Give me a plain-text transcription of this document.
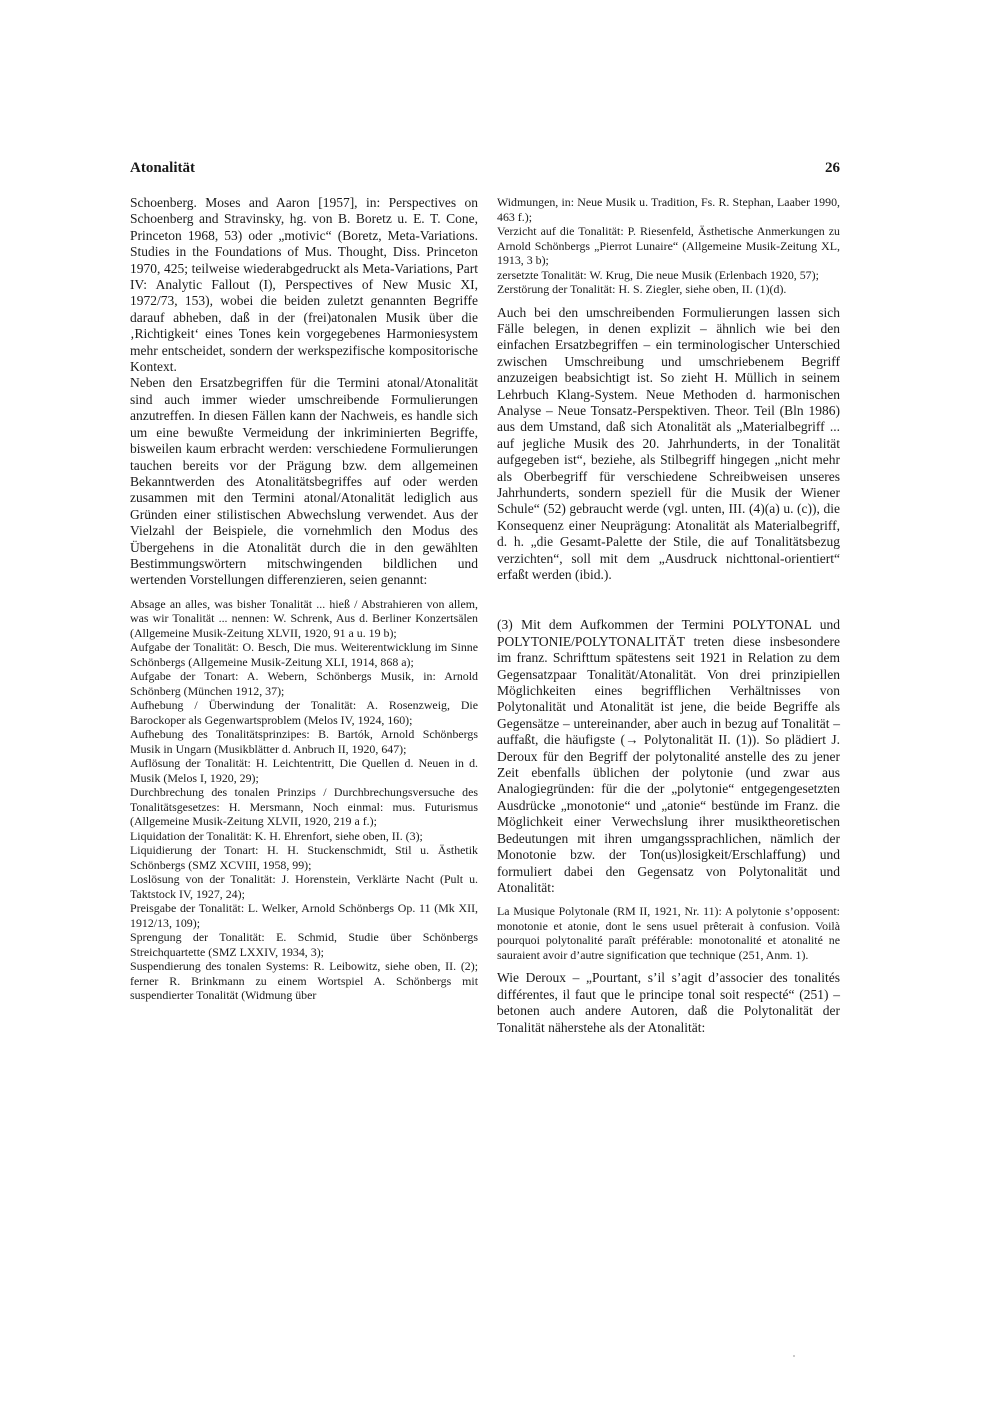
Atonalität	26

Schoenberg. Moses and Aaron [1957], in: Perspectives on Schoenberg and Stravinsky, hg. von B. Boretz u. E. T. Cone, Princeton 1968, 53) oder „motivic“ (Boretz, Meta-Variations. Studies in the Foundations of Mus. Thought, Diss. Princeton 1970, 425; teilweise wiederabgedruckt als Meta-Variations, Part IV: Analytic Fallout (I), Perspectives of New Music XI, 1972/73, 153), wobei die beiden zuletzt genannten Begriffe darauf abheben, daß in der (frei)atonalen Musik über die ‚Richtigkeit‘ eines Tones kein vorgegebenes Harmoniesystem mehr entscheidet, sondern der werkspezifische kompositorische Kontext.

Neben den Ersatzbegriffen für die Termini atonal/Atonalität sind auch immer wieder umschreibende Formulierungen anzutreffen. In diesen Fällen kann der Nachweis, es handle sich um eine bewußte Vermeidung der inkriminierten Begriffe, bisweilen kaum erbracht werden: verschiedene Formulierungen tauchen bereits vor der Prägung bzw. dem allgemeinen Bekanntwerden des Atonalitätsbegriffes auf oder werden zusammen mit den Termini atonal/Atonalität lediglich aus Gründen einer stilistischen Abwechslung verwendet. Aus der Vielzahl der Beispiele, die vornehmlich den Modus des Übergehens in die Atonalität durch die in den gewählten Bestimmungswörtern mitschwingenden bildlichen und wertenden Vorstellungen differenzieren, seien genannt:

Absage an alles, was bisher Tonalität ... hieß / Abstrahieren von allem, was wir Tonalität ... nennen: W. Schrenk, Aus d. Berliner Konzertsälen (Allgemeine Musik-Zeitung XLVII, 1920, 91 a u. 19 b);

Aufgabe der Tonalität: O. Besch, Die mus. Weiterentwicklung im Sinne Schönbergs (Allgemeine Musik-Zeitung XLI, 1914, 868 a);

Aufgabe der Tonart: A. Webern, Schönbergs Musik, in: Arnold Schönberg (München 1912, 37);

Aufhebung / Überwindung der Tonalität: A. Rosenzweig, Die Barockoper als Gegenwartsproblem (Melos IV, 1924, 160);

Aufhebung des Tonalitätsprinzipes: B. Bartók, Arnold Schönbergs Musik in Ungarn (Musikblätter d. Anbruch II, 1920, 647);

Auflösung der Tonalität: H. Leichtentritt, Die Quellen d. Neuen in d. Musik (Melos I, 1920, 29);

Durchbrechung des tonalen Prinzips / Durchbrechungsversuche des Tonalitätsgesetzes: H. Mersmann, Noch einmal: mus. Futurismus (Allgemeine Musik-Zeitung XLVII, 1920, 219 a f.);

Liquidation der Tonalität: K. H. Ehrenfort, siehe oben, II. (3);

Liquidierung der Tonart: H. H. Stuckenschmidt, Stil u. Ästhetik Schönbergs (SMZ XCVIII, 1958, 99);

Loslösung von der Tonalität: J. Horenstein, Verklärte Nacht (Pult u. Taktstock IV, 1927, 24);

Preisgabe der Tonalität: L. Welker, Arnold Schönbergs Op. 11 (Mk XII, 1912/13, 109);

Sprengung der Tonalität: E. Schmid, Studie über Schönbergs Streichquartette (SMZ LXXIV, 1934, 3);

Suspendierung des tonalen Systems: R. Leibowitz, siehe oben, II. (2); ferner R. Brinkmann zu einem Wortspiel A. Schönbergs mit suspendierter Tonalität (Widmung über

Widmungen, in: Neue Musik u. Tradition, Fs. R. Stephan, Laaber 1990, 463 f.);

Verzicht auf die Tonalität: P. Riesenfeld, Ästhetische Anmerkungen zu Arnold Schönbergs „Pierrot Lunaire“ (Allgemeine Musik-Zeitung XL, 1913, 3 b);

zersetzte Tonalität: W. Krug, Die neue Musik (Erlenbach 1920, 57);

Zerstörung der Tonalität: H. S. Ziegler, siehe oben, II. (1)(d).

Auch bei den umschreibenden Formulierungen lassen sich Fälle belegen, in denen explizit – ähnlich wie bei den einfachen Ersatzbegriffen – ein terminologischer Unterschied zwischen Umschreibung und umschriebenem Begriff anzuzeigen beabsichtigt ist. So zieht H. Müllich in seinem Lehrbuch Klang-System. Neue Methoden d. harmonischen Analyse – Neue Tonsatz-Perspektiven. Theor. Teil (Bln 1986) aus dem Umstand, daß sich Atonalität als „Materialbegriff ... auf jegliche Musik des 20. Jahrhunderts, in der Tonalität aufgegeben ist“, beziehe, als Stilbegriff hingegen „nicht mehr als Oberbegriff für verschiedene Schreibweisen unseres Jahrhunderts, sondern speziell für die Musik der Wiener Schule“ (52) gebraucht werde (vgl. unten, III. (4)(a) u. (c)), die Konsequenz einer Neuprägung: Atonalität als Materialbegriff, d. h. „die Gesamt-Palette der Stile, die auf Tonalitätsbezug verzichten“, soll mit dem „Ausdruck nichttonal-orientiert“ erfaßt werden (ibid.).

(3) Mit dem Aufkommen der Termini POLYTONAL und POLYTONIE/POLYTONALITÄT treten diese insbesondere im franz. Schrifttum spätestens seit 1921 in Relation zu dem Gegensatzpaar Tonalität/Atonalität. Von drei prinzipiellen Möglichkeiten eines begrifflichen Verhältnisses von Polytonalität und Atonalität ist jene, die beide Begriffe als Gegensätze – untereinander, aber auch in bezug auf Tonalität – auffaßt, die häufigste (→ Polytonalität II. (1)). So plädiert J. Deroux für den Begriff der polytonalité anstelle des zu jener Zeit ebenfalls üblichen der polytonie (und zwar aus Analogiegründen: für die der „polytonie“ entgegengesetzten Ausdrücke „monotonie“ und „atonie“ bestünde im Franz. die Möglichkeit einer Verwechslung ihrer musiktheoretischen Bedeutungen mit ihren umgangssprachlichen, nämlich der Monotonie bzw. der Ton(us)losigkeit/Erschlaffung) und formuliert dabei den Gegensatz von Polytonalität und Atonalität:

La Musique Polytonale (RM II, 1921, Nr. 11): A polytonie s’opposent: monotonie et atonie, dont le sens usuel prêterait à confusion. Voilà pourquoi polytonalité paraît préférable: monotonalité et atonalité ne sauraient avoir d’autre signification que technique (251, Anm. 1).

Wie Deroux – „Pourtant, s’il s’agit d’associer des tonalités différentes, il faut que le principe tonal soit respecté“ (251) – betonen auch andere Autoren, daß die Polytonalität der Tonalität näherstehe als der Atonalität:
